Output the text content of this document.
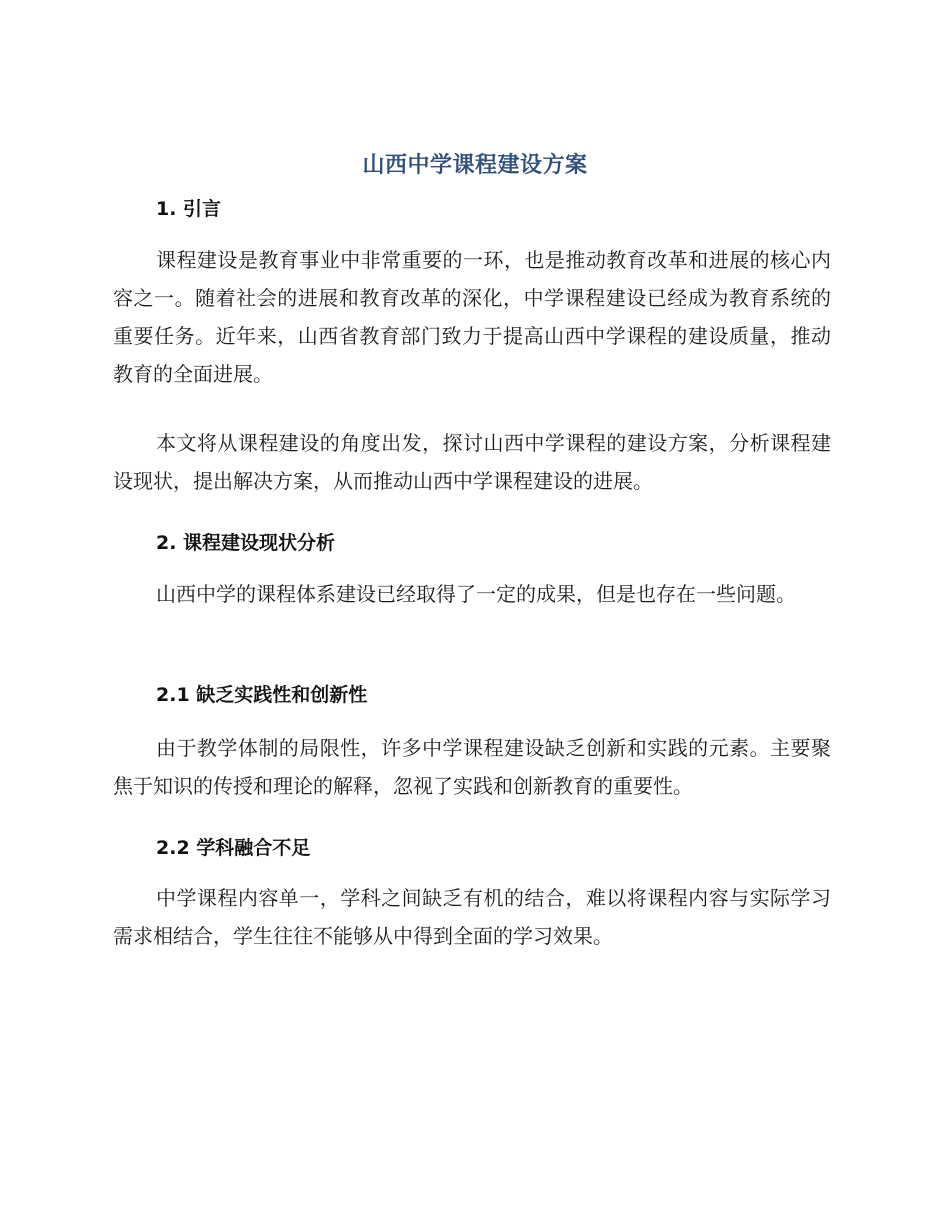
山西中学课程建设方案
1. 引言

课程建设是教育事业中非常重要的一环，也是推动教育改革和进展的核心内容之一。随着社会的进展和教育改革的深化，中学课程建设已经成为教育系统的重要任务。近年来，山西省教育部门致力于提高山西中学课程的建设质量，推动教育的全面进展。

本文将从课程建设的角度出发，探讨山西中学课程的建设方案，分析课程建设现状，提出解决方案，从而推动山西中学课程建设的进展。

2. 课程建设现状分析

山西中学的课程体系建设已经取得了一定的成果，但是也存在一些问题。

2.1 缺乏实践性和创新性

由于教学体制的局限性，许多中学课程建设缺乏创新和实践的元素。主要聚焦于知识的传授和理论的解释，忽视了实践和创新教育的重要性。

2.2 学科融合不足

中学课程内容单一，学科之间缺乏有机的结合，难以将课程内容与实际学习需求相结合，学生往往不能够从中得到全面的学习效果。
